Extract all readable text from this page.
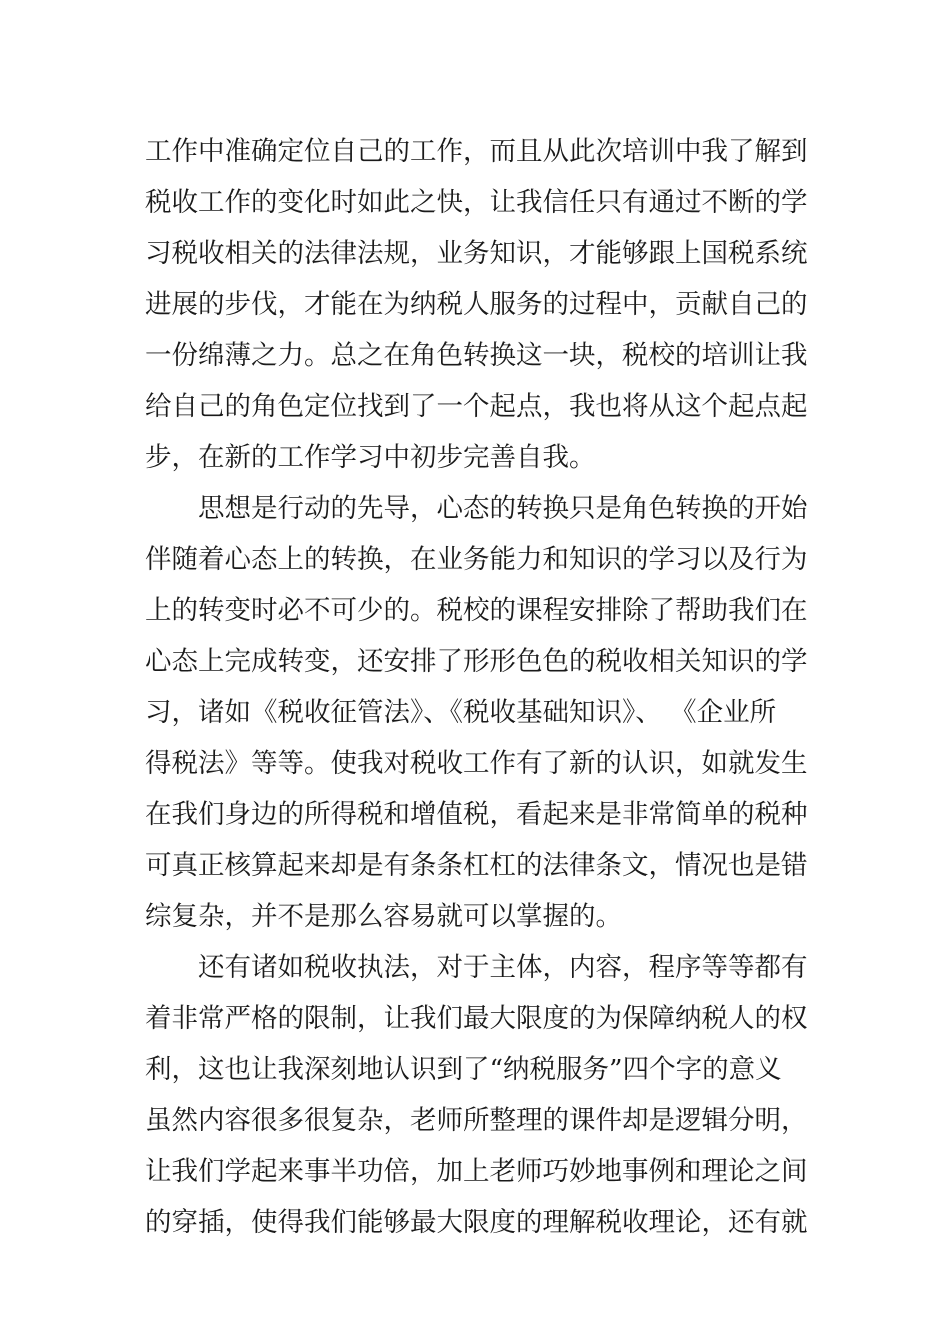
工作中准确定位自己的工作，而且从此次培训中我了解到
税收工作的变化时如此之快，让我信任只有通过不断的学
习税收相关的法律法规，业务知识，才能够跟上国税系统
进展的步伐，才能在为纳税人服务的过程中，贡献自己的
一份绵薄之力。总之在角色转换这一块，税校的培训让我
给自己的角色定位找到了一个起点，我也将从这个起点起
步，在新的工作学习中初步完善自我。
思想是行动的先导，心态的转换只是角色转换的开始
伴随着心态上的转换，在业务能力和知识的学习以及行为
上的转变时必不可少的。税校的课程安排除了帮助我们在
心态上完成转变，还安排了形形色色的税收相关知识的学
习，诸如《税收征管法》、《税收基础知识》、 《企业所
得税法》等等。使我对税收工作有了新的认识，如就发生
在我们身边的所得税和增值税，看起来是非常简单的税种
可真正核算起来却是有条条杠杠的法律条文，情况也是错
综复杂，并不是那么容易就可以掌握的。
还有诸如税收执法，对于主体，内容，程序等等都有
着非常严格的限制，让我们最大限度的为保障纳税人的权
利，这也让我深刻地认识到了“纳税服务”四个字的意义
虽然内容很多很复杂，老师所整理的课件却是逻辑分明，
让我们学起来事半功倍，加上老师巧妙地事例和理论之间
的穿插，使得我们能够最大限度的理解税收理论，还有就
